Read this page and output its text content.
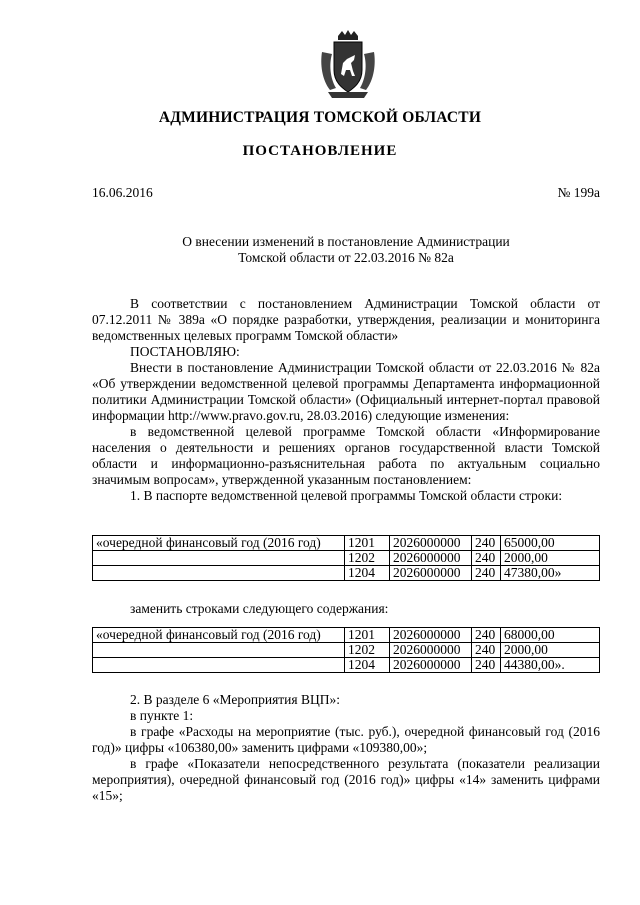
АДМИНИСТРАЦИЯ ТОМСКОЙ ОБЛАСТИ
ПОСТАНОВЛЕНИЕ
16.06.2016	№ 199а
О внесении изменений в постановление Администрации
Томской области от 22.03.2016 № 82а

В соответствии с постановлением Администрации Томской области от 07.12.2011 № 389а «О порядке разработки, утверждения, реализации и мониторинга ведомственных целевых программ Томской области»

ПОСТАНОВЛЯЮ:

Внести в постановление Администрации Томской области от 22.03.2016 № 82а «Об утверждении ведомственной целевой программы Департамента информационной политики Администрации Томской области» (Официальный интернет-портал правовой информации http://www.pravo.gov.ru, 28.03.2016) следующие изменения:

в ведомственной целевой программе Томской области «Информирование населения о деятельности и решениях органов государственной власти Томской области и информационно-разъяснительная работа по актуальным социально значимым вопросам», утвержденной указанным постановлением:

1. В паспорте ведомственной целевой программы Томской области строки:

«очередной финансовый год (2016 год)	1201	2026000000	240	65000,00
	1202	2026000000	240	2000,00
	1204	2026000000	240	47380,00»

заменить строками следующего содержания:

«очередной финансовый год (2016 год)	1201	2026000000	240	68000,00
	1202	2026000000	240	2000,00
	1204	2026000000	240	44380,00».

2. В разделе 6 «Мероприятия ВЦП»:

в пункте 1:

в графе «Расходы на мероприятие (тыс. руб.), очередной финансовый год (2016 год)» цифры «106380,00» заменить цифрами «109380,00»;

в графе «Показатели непосредственного результата (показатели реализации мероприятия), очередной финансовый год (2016 год)» цифры «14» заменить цифрами «15»;
